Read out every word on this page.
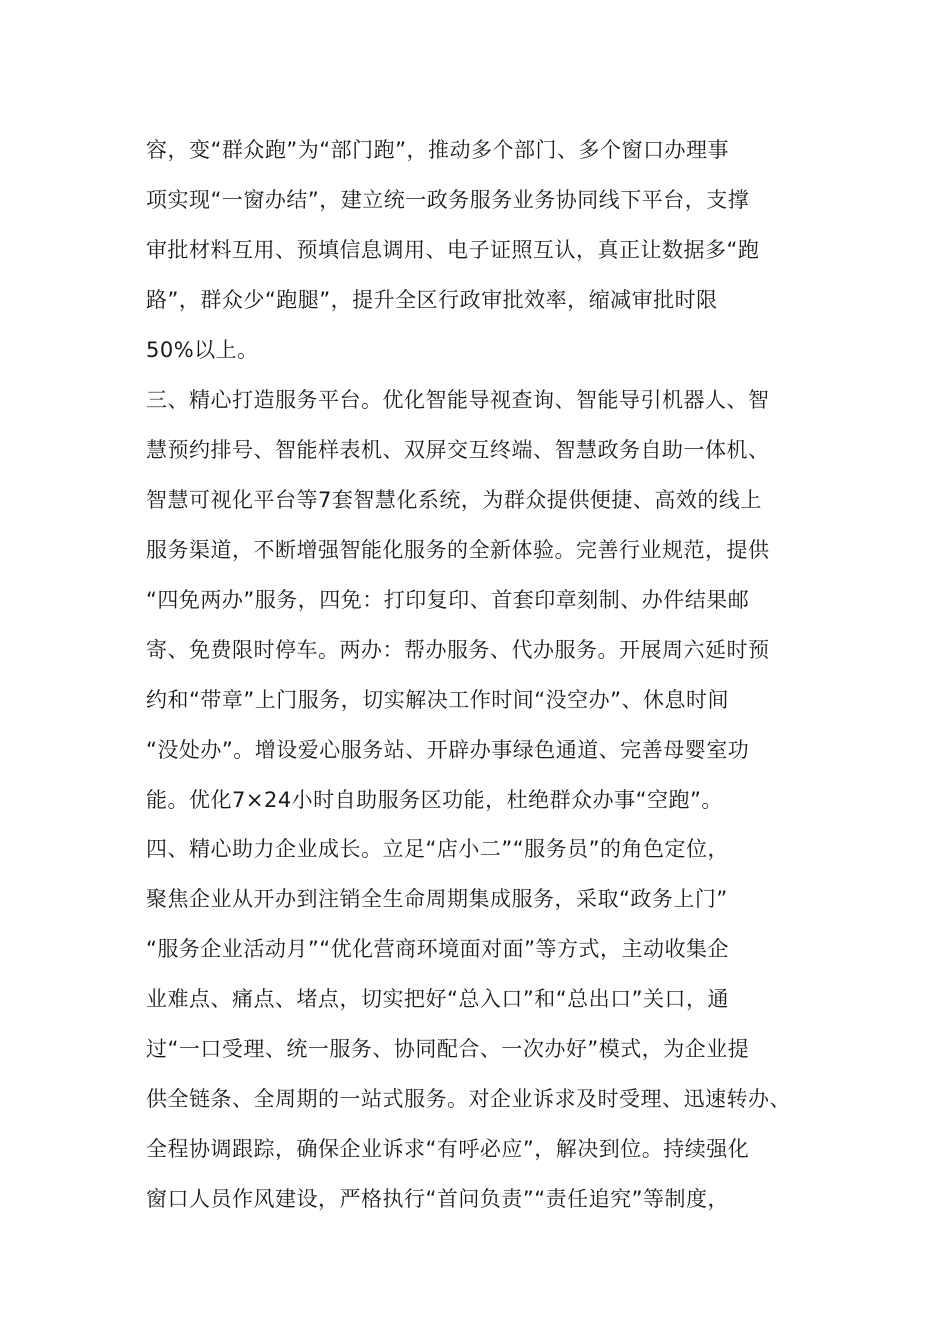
容，变“群众跑”为“部门跑”，推动多个部门、多个窗口办理事
项实现“一窗办结”，建立统一政务服务业务协同线下平台，支撑
审批材料互用、预填信息调用、电子证照互认，真正让数据多“跑
路”，群众少“跑腿”，提升全区行政审批效率，缩减审批时限
50%以上。
三、精心打造服务平台。优化智能导视查询、智能导引机器人、智
慧预约排号、智能样表机、双屏交互终端、智慧政务自助一体机、
智慧可视化平台等7套智慧化系统，为群众提供便捷、高效的线上
服务渠道，不断增强智能化服务的全新体验。完善行业规范，提供
“四免两办”服务，四免：打印复印、首套印章刻制、办件结果邮
寄、免费限时停车。两办：帮办服务、代办服务。开展周六延时预
约和“带章”上门服务，切实解决工作时间“没空办”、休息时间
“没处办”。增设爱心服务站、开辟办事绿色通道、完善母婴室功
能。优化7×24小时自助服务区功能，杜绝群众办事“空跑”。
四、精心助力企业成长。立足“店小二”“服务员”的角色定位，
聚焦企业从开办到注销全生命周期集成服务，采取“政务上门”
“服务企业活动月”“优化营商环境面对面”等方式，主动收集企
业难点、痛点、堵点，切实把好“总入口”和“总出口”关口，通
过“一口受理、统一服务、协同配合、一次办好”模式，为企业提
供全链条、全周期的一站式服务。对企业诉求及时受理、迅速转办、
全程协调跟踪，确保企业诉求“有呼必应”，解决到位。持续强化
窗口人员作风建设，严格执行“首问负责”“责任追究”等制度，
